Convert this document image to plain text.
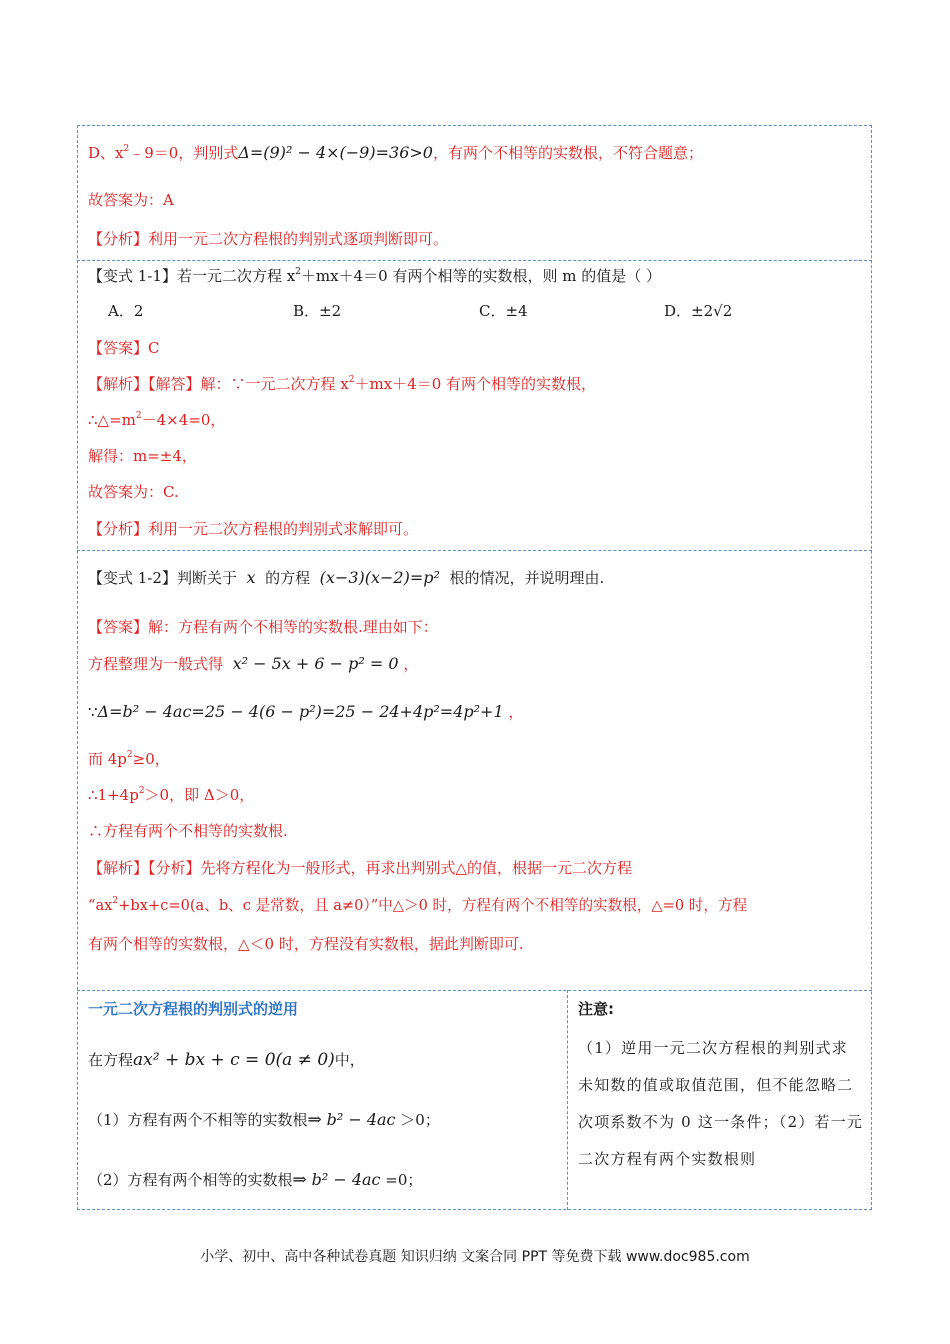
D、$x^2﹣9=0$，判别式Δ=(9)² − 4×(−9)=36>0，有两个不相等的实数根，不符合题意；
故答案为：A
【分析】利用一元二次方程根的判别式逐项判断即可。
【变式 1-1】若一元二次方程 $x^2+mx+4=0$ 有两个相等的实数根，则 m 的值是（ ）
A．2	B．±2	C．±4	D．±2√2
【答案】C
【解析】【解答】解：∵一元二次方程 $x^2+mx+4=0$ 有两个相等的实数根，
$\therefore\triangle=m^2-4\times 4=0$，
解得：m=±4，
故答案为：C.
【分析】利用一元二次方程根的判别式求解即可。
【变式 1-2】判断关于 x 的方程 (x−3)(x−2)=p² 根的情况，并说明理由.
【答案】解：方程有两个不相等的实数根.理由如下：
方程整理为一般式得 x² − 5x + 6 − p² = 0 ，
∵Δ=b² − 4ac=25 − 4(6 − p²)=25 − 24+4p²=4p²+1 ，
而 $4p^2\ge 0$，
$\therefore 1+4p^2>0$，即 Δ＞0，
∴方程有两个不相等的实数根.
【解析】【分析】先将方程化为一般形式，再求出判别式△的值，根据一元二次方程
“$ax^2+bx+c=0(a$、b、c 是常数，且 a≠0）”中△＞0 时，方程有两个不相等的实数根，△=0 时，方程
有两个相等的实数根，△＜0 时，方程没有实数根，据此判断即可.
一元二次方程根的判别式的逆用
在方程ax² + bx + c = 0(a ≠ 0)中，
（1）方程有两个不相等的实数根⇒ b² − 4ac ＞0；
（2）方程有两个相等的实数根⇒ b² − 4ac =0；
注意:
（1）逆用一元二次方程根的判别式求未知数的值或取值范围，但不能忽略二次项系数不为 0 这一条件；（2）若一元二次方程有两个实数根则
小学、初中、高中各种试卷真题 知识归纳 文案合同 PPT 等免费下载 www.doc985.com
